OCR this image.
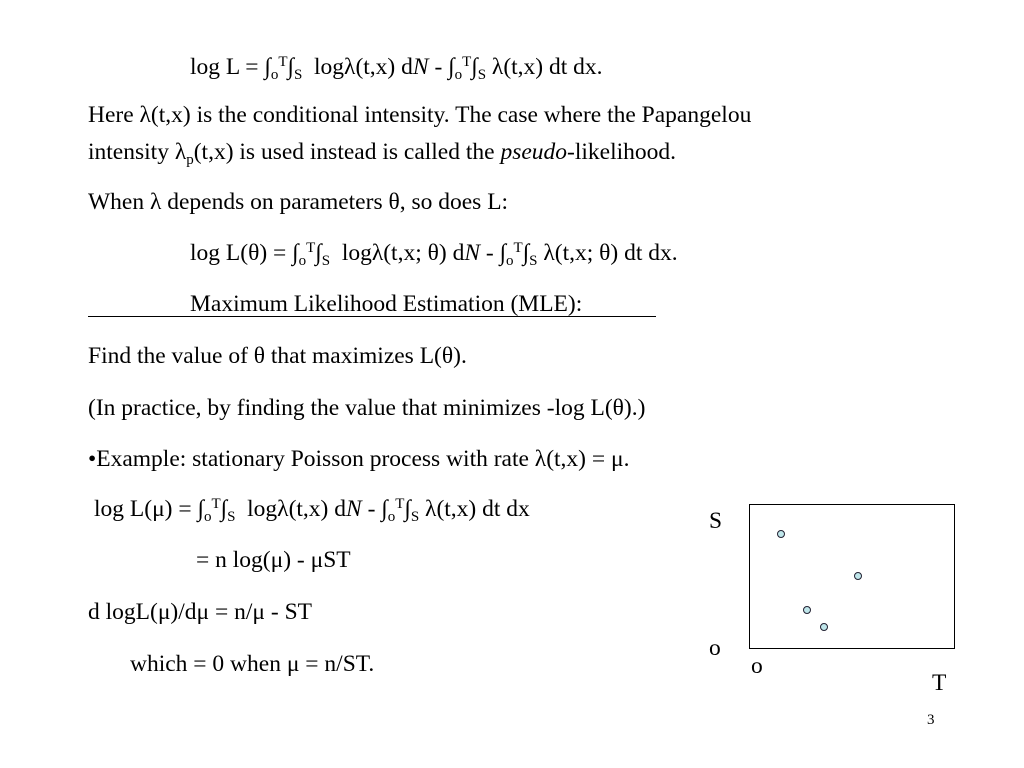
$\log L = \int_o^T\int_S$  logλ(t,x) dN - $\int_o^T\int_S$ λ(t,x) dt dx.
Here λ(t,x) is the conditional intensity. The case where the Papangelou
intensity $\lambda_p(t,x)$ is used instead is called the pseudo-likelihood.
When λ depends on parameters θ, so does L:
$\log L(\theta) = \int_o^T\int_S$  logλ(t,x; θ) dN - $\int_o^T\int_S$ λ(t,x; θ) dt dx.
Maximum Likelihood Estimation (MLE):
Find the value of θ that maximizes L(θ).
(In practice, by finding the value that minimizes -log L(θ).)
•Example: stationary Poisson process with rate λ(t,x) = μ.
$\log L(\mu) = \int_o^T\int_S$  logλ(t,x) dN - $\int_o^T\int_S$ λ(t,x) dt dx
= n log(μ) - μST
d logL(μ)/dμ = n/μ - ST
which = 0 when μ = n/ST.
S
o
o
T
3
